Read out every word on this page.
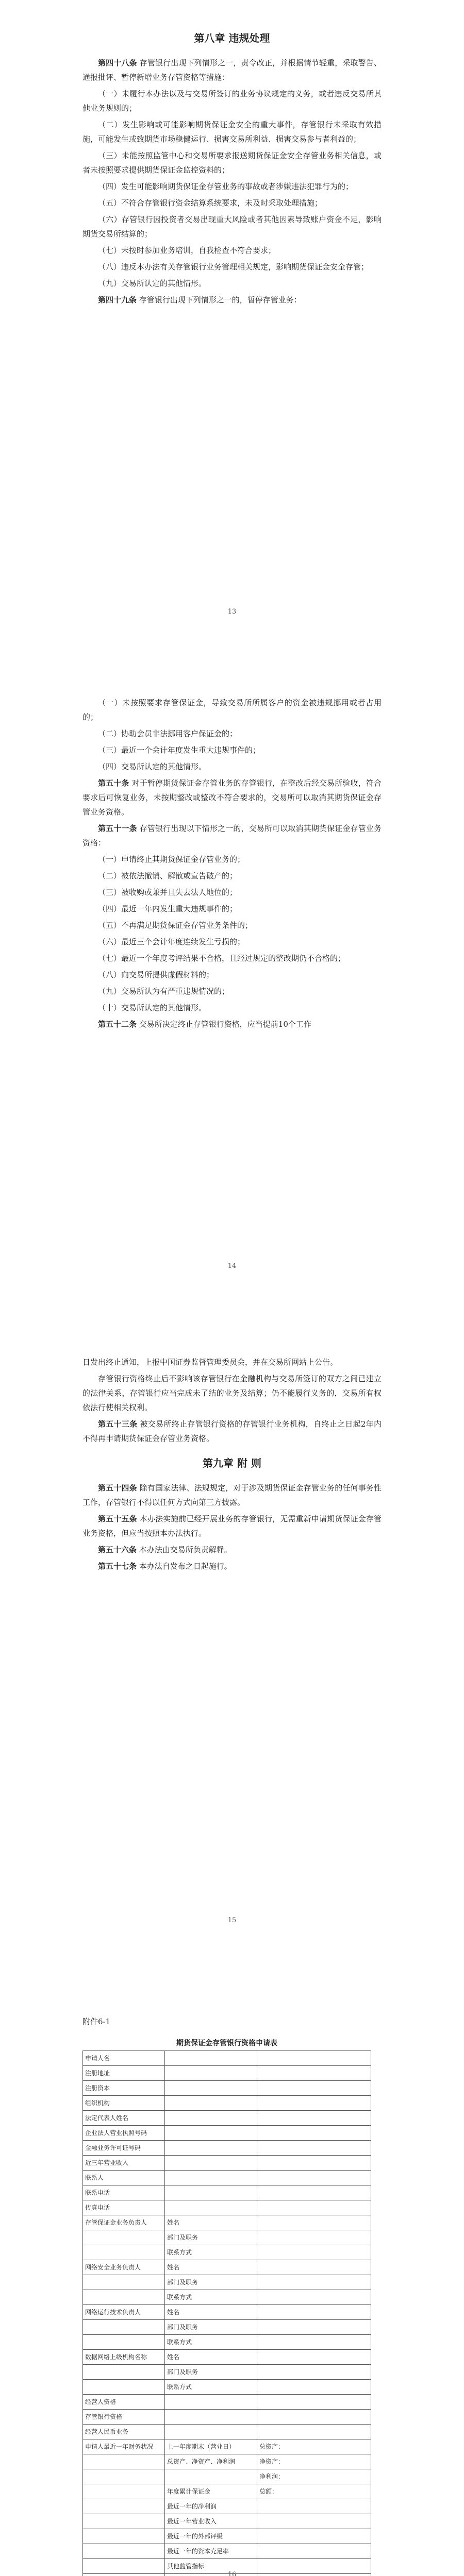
第八章 违规处理

第四十八条 存管银行出现下列情形之一，责令改正，并根据情节轻重，采取警告、通报批评、暂停新增业务存管资格等措施：

（一）未履行本办法以及与交易所签订的业务协议规定的义务，或者违反交易所其他业务规则的；

（二）发生影响或可能影响期货保证金安全的重大事件，存管银行未采取有效措施，可能发生或致期货市场稳健运行、损害交易所利益、损害交易参与者利益的；

（三）未能按照监管中心和交易所要求报送期货保证金安全存管业务相关信息，或者未按照要求提供期货保证金监控资料的；

（四）发生可能影响期货保证金存管业务的事故或者涉嫌违法犯罪行为的；

（五）不符合存管银行资金结算系统要求，未及时采取处理措施；

（六）存管银行因投资者交易出现重大风险或者其他因素导致账户资金不足，影响期货交易所结算的；

（七）未按时参加业务培训，自我检查不符合要求；

（八）违反本办法有关存管银行业务管理相关规定，影响期货保证金安全存管；

（九）交易所认定的其他情形。

第四十九条 存管银行出现下列情形之一的，暂停存管业务：

13

（一）未按照要求存管保证金，导致交易所所属客户的资金被违规挪用或者占用的；

（二）协助会员非法挪用客户保证金的；

（三）最近一个会计年度发生重大违规事件的；

（四）交易所认定的其他情形。

第五十条 对于暂停期货保证金存管业务的存管银行，在整改后经交易所验收，符合要求后可恢复业务，未按期整改或整改不符合要求的，交易所可以取消其期货保证金存管业务资格。

第五十一条 存管银行出现以下情形之一的，交易所可以取消其期货保证金存管业务资格：

（一）申请终止其期货保证金存管业务的；

（二）被依法撤销、解散或宣告破产的；

（三）被收购或兼并且失去法人地位的；

（四）最近一年内发生重大违规事件的；

（五）不再满足期货保证金存管业务条件的；

（六）最近三个会计年度连续发生亏损的；

（七）最近一个年度考评结果不合格，且经过规定的整改期仍不合格的；

（八）向交易所提供虚假材料的；

（九）交易所认为有严重违规情况的；

（十）交易所认定的其他情形。

第五十二条 交易所决定终止存管银行资格，应当提前10个工作

14

日发出终止通知，上报中国证券监督管理委员会，并在交易所网站上公告。

存管银行资格终止后不影响该存管银行在金融机构与交易所签订的双方之间已建立的法律关系，存管银行应当完成未了结的业务及结算；仍不能履行义务的，交易所有权依法行使相关权利。

第五十三条 被交易所终止存管银行资格的存管银行业务机构，自终止之日起2年内不得再申请期货保证金存管业务资格。

第九章 附 则

第五十四条 除有国家法律、法规规定，对于涉及期货保证金存管业务的任何事务性工作，存管银行不得以任何方式向第三方披露。

第五十五条 本办法实施前已经开展业务的存管银行，无需重新申请期货保证金存管业务资格，但应当按照本办法执行。

第五十六条 本办法由交易所负责解释。

第五十七条 本办法自发布之日起施行。

15
附件6-1
期货保证金存管银行资格申请表		
申请人名		
注册地址		
注册资本		
组织机构		
法定代表人姓名		
企业法人营业执照号码		
金融业务许可证号码		
近三年营业收入		
联系人		
联系电话		
传真电话		
存管保证金业务负责人	姓名	
	部门及职务	
	联系方式	
网络安全业务负责人	姓名	
	部门及职务	
	联系方式	
网络运行技术负责人	姓名	
	部门及职务	
	联系方式	
数据网络上级机构名称	姓名	
	部门及职务	
	联系方式	
经营人资格		
存管银行资格		
经营人民币业务		
申请人最近一年财务状况	上一年度期末（营业日）	总资产：
	总资产、净资产、净利润	净资产：
		净利润：
	年度累计保证金	总额：
	最近一年的净利润	
	最近一年营业收入	
	最近一年的外部评级	
	最近一年的资本充足率	
	其他监管指标	

16
